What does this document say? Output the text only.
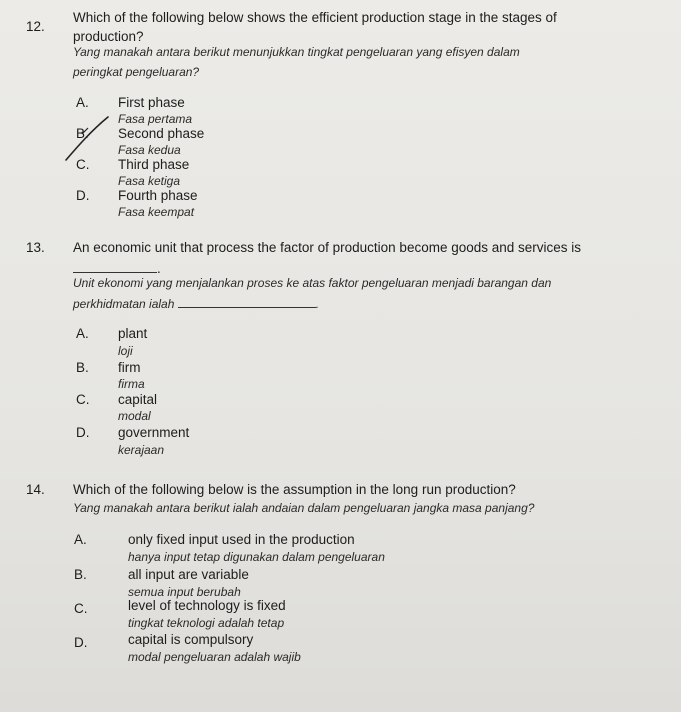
12.
Which of the following below shows the efficient production stage in the stages of
production?
Yang manakah antara berikut menunjukkan tingkat pengeluaran yang efisyen dalam
peringkat pengeluaran?
A. First phase
Fasa pertama
B. Second phase
Fasa kedua
C. Third phase
Fasa ketiga
D. Fourth phase
Fasa keempat
13. An economic unit that process the factor of production become goods and services is
.
Unit ekonomi yang menjalankan proses ke atas faktor pengeluaran menjadi barangan dan
perkhidmatan ialah	.
A. plant
loji
B. firm
firma
C. capital
modal
D. government
kerajaan
14. Which of the following below is the assumption in the long run production?
Yang manakah antara berikut ialah andaian dalam pengeluaran jangka masa panjang?
A.	only fixed input used in the production
hanya input tetap digunakan dalam pengeluaran
B.	all input are variable
semua input berubah
C.	level of technology is fixed
tingkat teknologi adalah tetap
D.	capital is compulsory
modal pengeluaran adalah wajib
